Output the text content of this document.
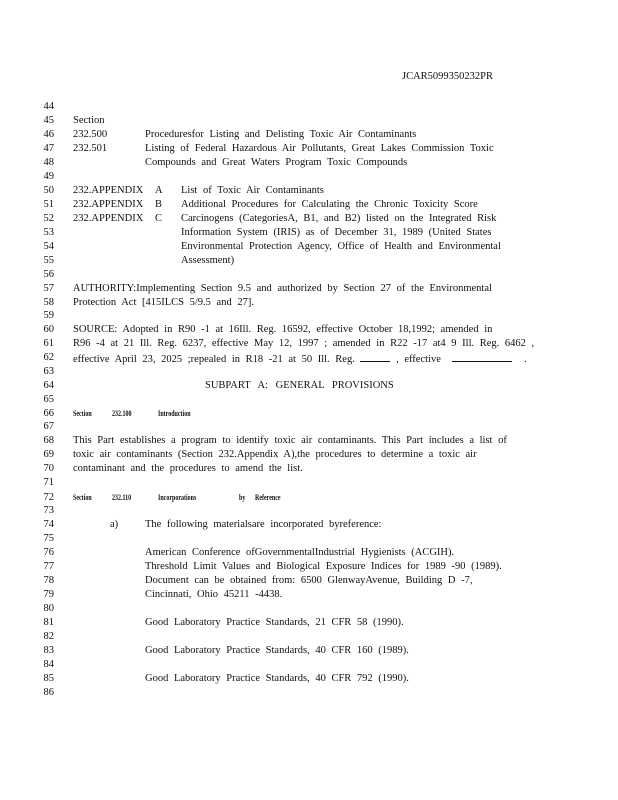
JCAR5099350232PR
44
45
46
47
48
49
50
51
52
53
54
55
56
57
58
59
60
61
62
63
64
65
66
67
68
69
70
71
72
73
74
75
76
77
78
79
80
81
82
83
84
85
86
Section
232.500	Proceduresfor Listing and Delisting Toxic Air Contaminants
232.501	Listing of Federal Hazardous Air Pollutants, Great Lakes Commission Toxic
Compounds and Great Waters Program Toxic Compounds
232.APPENDIX A List of Toxic Air Contaminants
232.APPENDIX B Additional Procedures for Calculating the Chronic Toxicity Score
232.APPENDIX C Carcinogens (CategoriesA, B1, and B2) listed on the Integrated Risk
Information System (IRIS) as of December 31, 1989 (United States
Environmental Protection Agency, Office of Health and Environmental
Assessment)
AUTHORITY:Implementing Section 9.5 and authorized by Section 27 of the Environmental
Protection Act [415ILCS 5/9.5 and 27].
SOURCE: Adopted in R90 -1 at 16Ill. Reg. 16592, effective October 18,1992; amended in
R96 -4 at 21 Ill. Reg. 6237, effective May 12, 1997 ; amended in R22 -17 at4 9 Ill. Reg. 6462 ,
effective April 23, 2025 ;repealed in R18 -21 at 50 Ill. Reg.	, effective	.
SUBPART A: GENERAL PROVISIONS
Section	232.100	Introduction
This Part establishes a program to identify toxic air contaminants. This Part includes a list of
toxic air contaminants (Section 232.Appendix A),the procedures to determine a toxic air
contaminant and the procedures to amend the list.
Section	232.110	Incorporations	by Reference
a)	The following materialsare incorporated byreference:
American Conference ofGovernmentalIndustrial Hygienists (ACGIH).
Threshold Limit Values and Biological Exposure Indices for 1989 -90 (1989).
Document can be obtained from: 6500 GlenwayAvenue, Building D -7,
Cincinnati, Ohio 45211 -4438.
Good Laboratory Practice Standards, 21 CFR 58 (1990).
Good Laboratory Practice Standards, 40 CFR 160 (1989).
Good Laboratory Practice Standards, 40 CFR 792 (1990).
